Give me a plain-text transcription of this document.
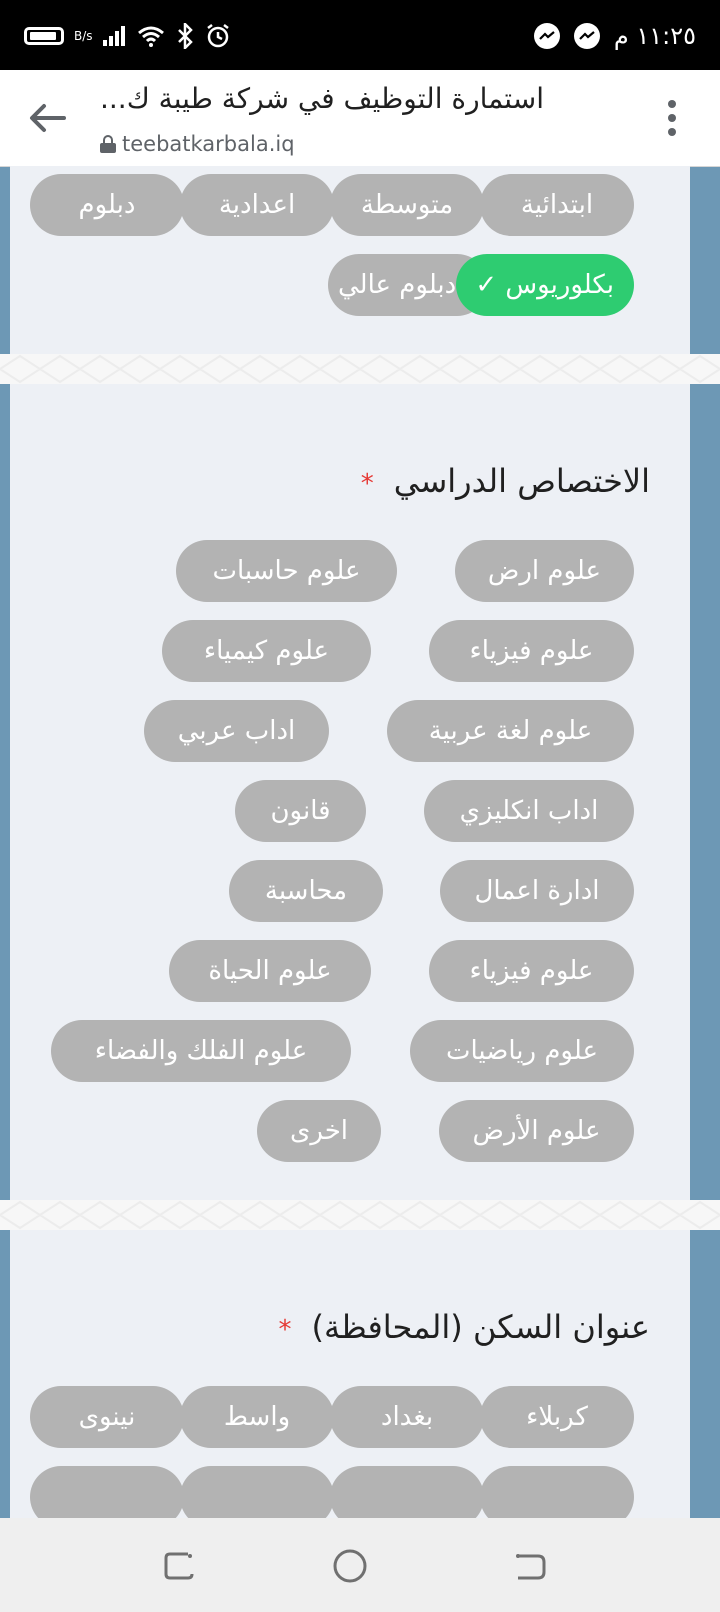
B/s	١١:٢٥ م
استمارة التوظيف في شركة طيبة ك...
teebatkarbala.iq
ابتدائية
متوسطة
اعدادية
دبلوم
دبلوم عالي بكلوريوس ✓
الاختصاص الدراسي*
علوم ارض
علوم حاسبات
علوم فيزياء
علوم كيمياء
علوم لغة عربية
اداب عربي
اداب انكليزي
قانون
ادارة اعمال
محاسبة
علوم فيزياء
علوم الحياة
علوم رياضيات
علوم الفلك والفضاء
علوم الأرض
اخرى
عنوان السكن (المحافظة)*
كربلاء
بغداد
واسط
نينوى
